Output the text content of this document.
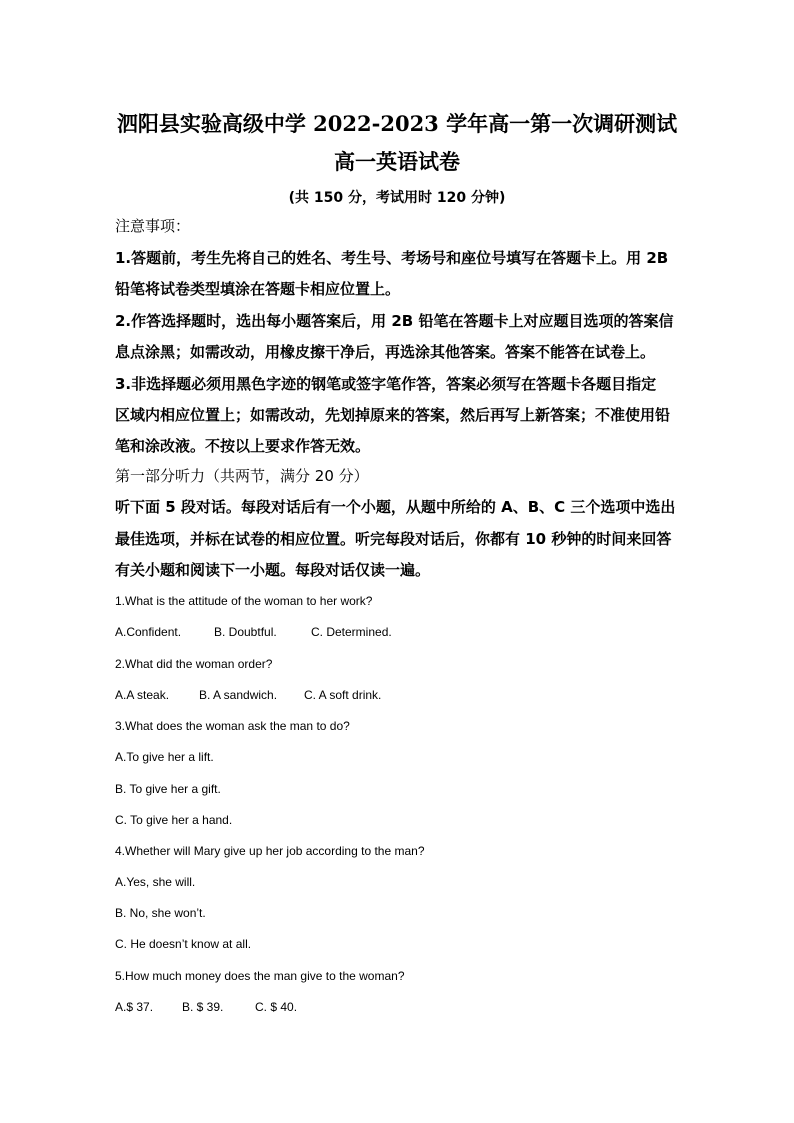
泗阳县实验高级中学 2022-2023 学年高一第一次调研测试
高一英语试卷
(共 150 分，考试用时 120 分钟)
注意事项：
1.答题前，考生先将自己的姓名、考生号、考场号和座位号填写在答题卡上。用 2B
铅笔将试卷类型填涂在答题卡相应位置上。
2.作答选择题时，选出每小题答案后，用 2B 铅笔在答题卡上对应题目选项的答案信
息点涂黑；如需改动，用橡皮擦干净后，再选涂其他答案。答案不能答在试卷上。
3.非选择题必须用黑色字迹的钢笔或签字笔作答，答案必须写在答题卡各题目指定
区域内相应位置上；如需改动，先划掉原来的答案，然后再写上新答案；不准使用铅
笔和涂改液。不按以上要求作答无效。
第一部分听力（共两节，满分 20 分）
听下面 5 段对话。每段对话后有一个小题，从题中所给的 A、B、C 三个选项中选出
最佳选项，并标在试卷的相应位置。听完每段对话后，你都有 10 秒钟的时间来回答
有关小题和阅读下一小题。每段对话仅读一遍。
1.What is the attitude of the woman to her work?
A.Confident.	B. Doubtful.	C. Determined.
2.What did the woman order?
A.A steak. B. A sandwich. C. A soft drink.
3.What does the woman ask the man to do?
A.To give her a lift.
B. To give her a gift.
C. To give her a hand.
4.Whether will Mary give up her job according to the man?
A.Yes, she will.
B. No, she won’t.
C. He doesn’t know at all.
5.How much money does the man give to the woman?
A.$ 37. B. $ 39.	C. $ 40.
